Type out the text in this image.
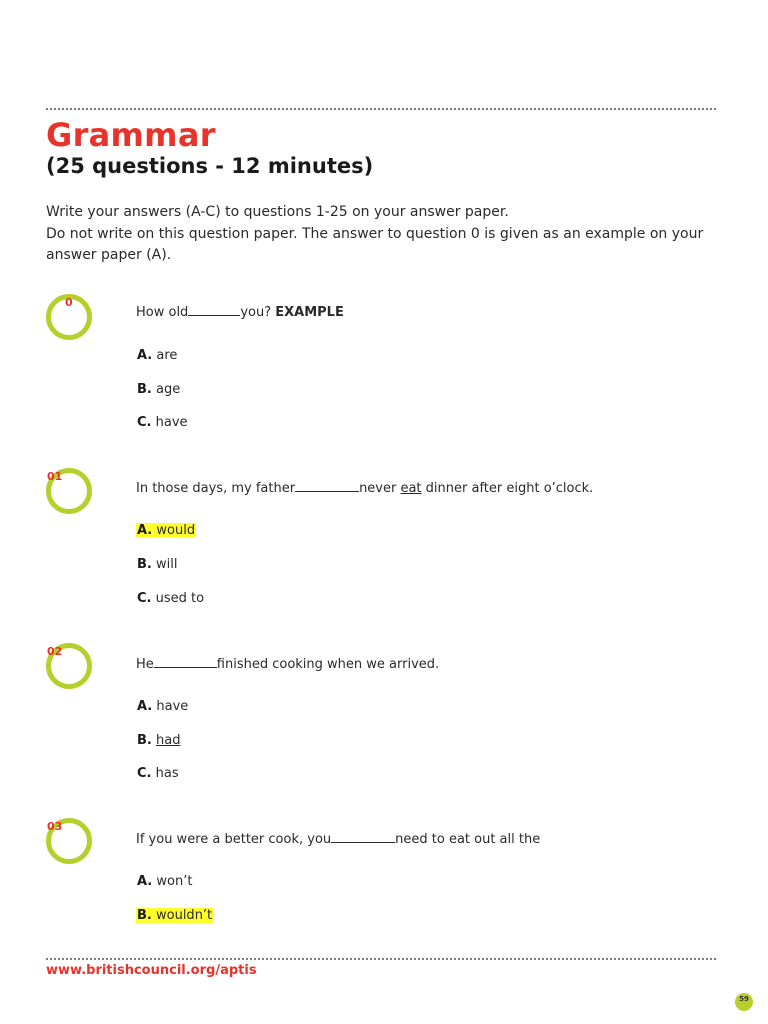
Grammar
(25 questions - 12 minutes)
Write your answers (A-C) to questions 1-25 on your answer paper.
Do not write on this question paper. The answer to question 0 is given as an example on your answer paper (A).
0
How old	you? EXAMPLE
A. are
B. age
C. have
01
In those days, my father	never eat dinner after eight o’clock.
A. would
B. will
C. used to
02
He	finished cooking when we arrived.
A. have
B. had
C. has
03
If you were a better cook, you	need to eat out all the
A. won’t
B. wouldn’t
www.britishcouncil.org/aptis
59
